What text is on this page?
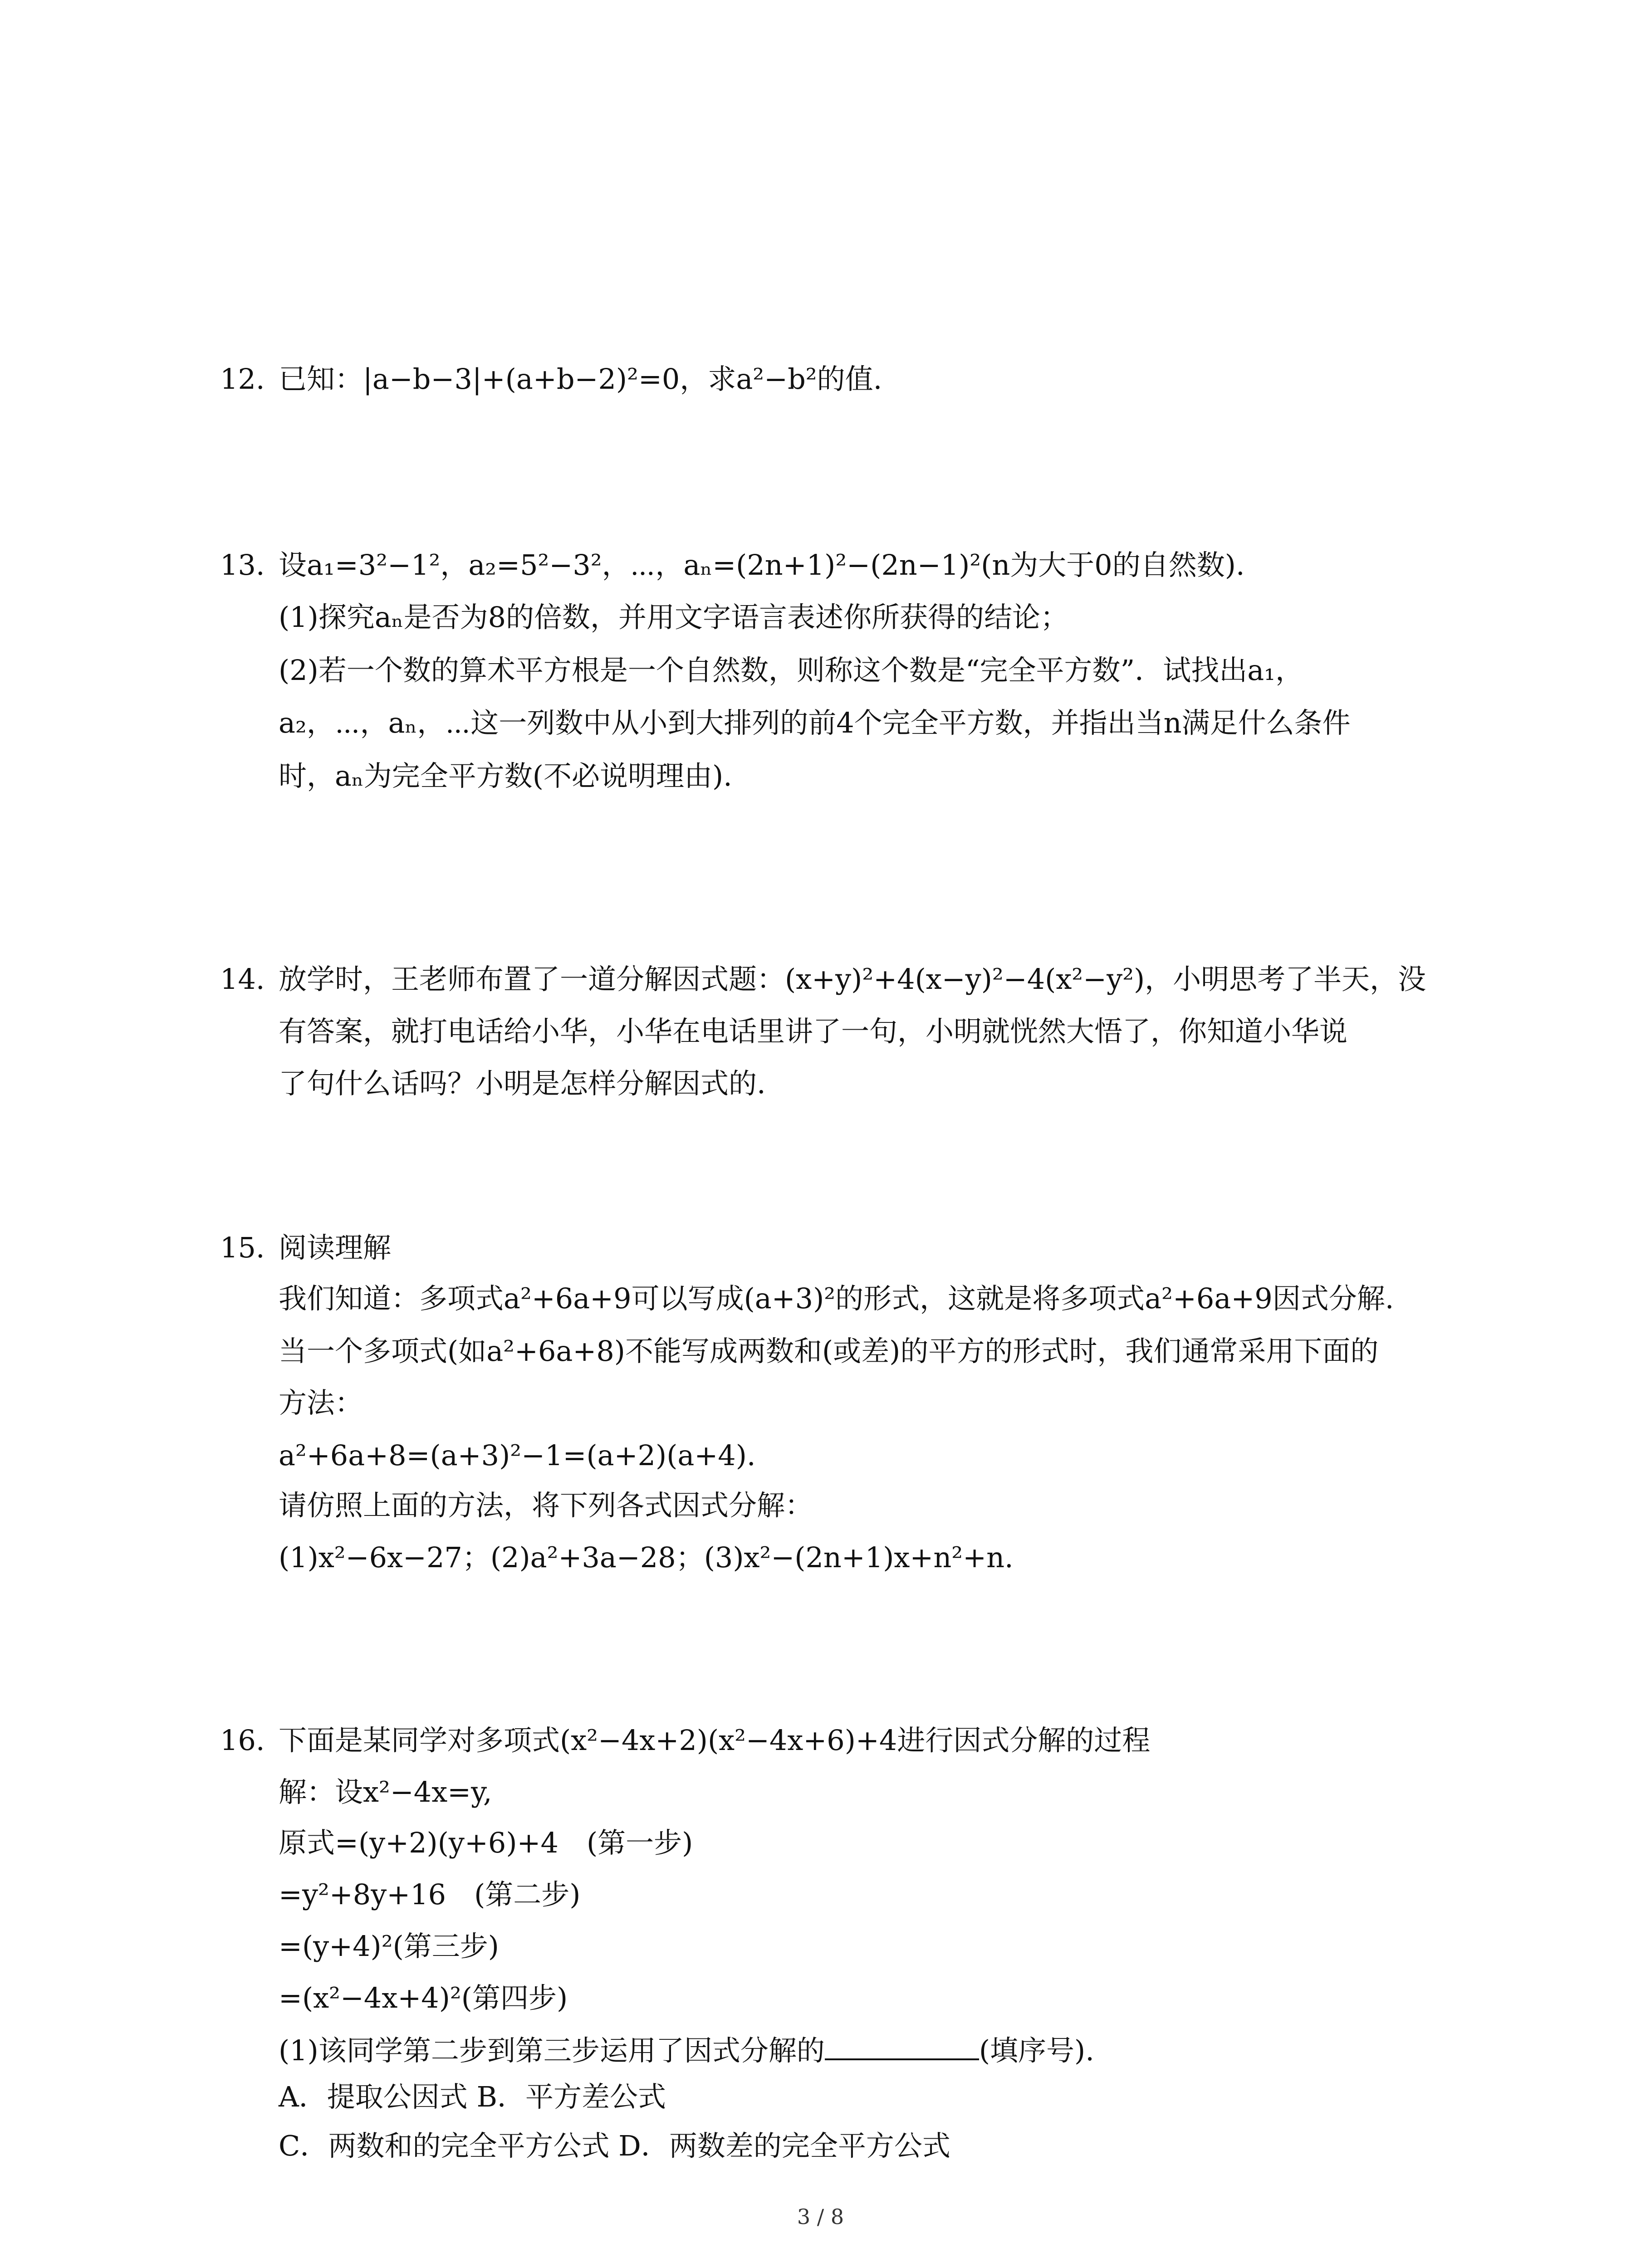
12. 已知：|a−b−3|+(a+b−2)²=0，求a²−b²的值.
13. 设a₁=3²−1²，a₂=5²−3²，⋯，aₙ=(2n+1)²−(2n−1)²(n为大于0的自然数).
(1)探究aₙ是否为8的倍数，并用文字语言表述你所获得的结论；
(2)若一个数的算术平方根是一个自然数，则称这个数是“完全平方数”．试找出a₁，
a₂，⋯，aₙ，⋯这一列数中从小到大排列的前4个完全平方数，并指出当n满足什么条件
时，aₙ为完全平方数(不必说明理由).
14. 放学时，王老师布置了一道分解因式题：(x+y)²+4(x−y)²−4(x²−y²)，小明思考了半天，没
有答案，就打电话给小华，小华在电话里讲了一句，小明就恍然大悟了，你知道小华说
了句什么话吗？小明是怎样分解因式的.
15. 阅读理解
我们知道：多项式a²+6a+9可以写成(a+3)²的形式，这就是将多项式a²+6a+9因式分解.
当一个多项式(如a²+6a+8)不能写成两数和(或差)的平方的形式时，我们通常采用下面的
方法：
a²+6a+8=(a+3)²−1=(a+2)(a+4).
请仿照上面的方法，将下列各式因式分解：
(1)x²−6x−27；(2)a²+3a−28；(3)x²−(2n+1)x+n²+n.
16. 下面是某同学对多项式(x²−4x+2)(x²−4x+6)+4进行因式分解的过程
解：设x²−4x=y,
原式=(y+2)(y+6)+4　(第一步)
=y²+8y+16　(第二步)
=(y+4)²(第三步)
=(x²−4x+4)²(第四步)
(1)该同学第二步到第三步运用了因式分解的	(填序号).
A．提取公因式 B．平方差公式
C．两数和的完全平方公式 D．两数差的完全平方公式
3 / 8
